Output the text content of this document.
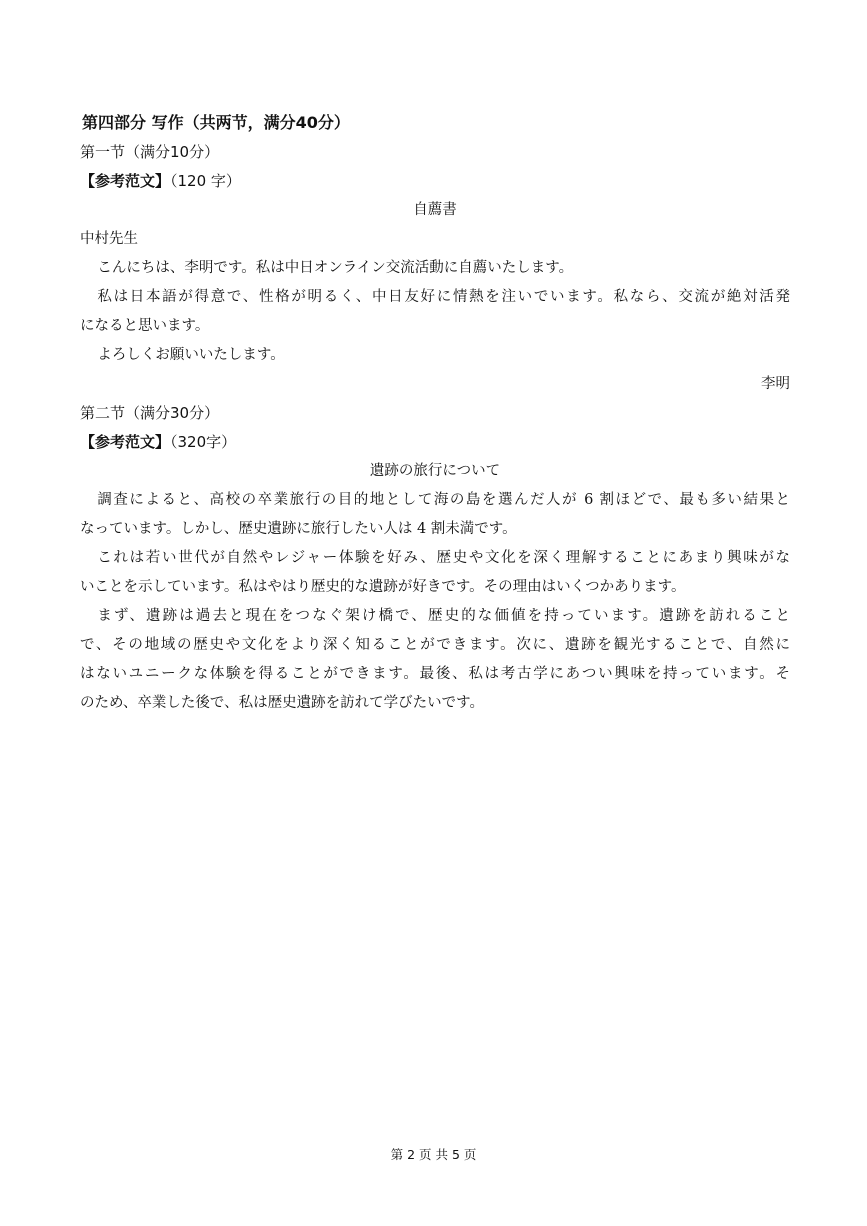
第四部分 写作（共两节，满分40分）
第一节（满分10分）
【参考范文】（120 字）
自薦書
中村先生
こんにちは、李明です。私は中日オンライン交流活動に自薦いたします。
私は日本語が得意で、性格が明るく、中日友好に情熱を注いでいます。私なら、交流が絶対活発
になると思います。
よろしくお願いいたします。
李明
第二节（满分30分）
【参考范文】（320字）
遺跡の旅行について
調査によると、高校の卒業旅行の目的地として海の島を選んだ人が 6 割ほどで、最も多い結果と
なっています。しかし、歴史遺跡に旅行したい人は 4 割未満です。
これは若い世代が自然やレジャー体験を好み、歴史や文化を深く理解することにあまり興味がな
いことを示しています。私はやはり歴史的な遺跡が好きです。その理由はいくつかあります。
まず、遺跡は過去と現在をつなぐ架け橋で、歴史的な価値を持っています。遺跡を訪れること
で、その地域の歴史や文化をより深く知ることができます。次に、遺跡を観光することで、自然に
はないユニークな体験を得ることができます。最後、私は考古学にあつい興味を持っています。そ
のため、卒業した後で、私は歴史遺跡を訪れて学びたいです。
第 2 页 共 5 页
